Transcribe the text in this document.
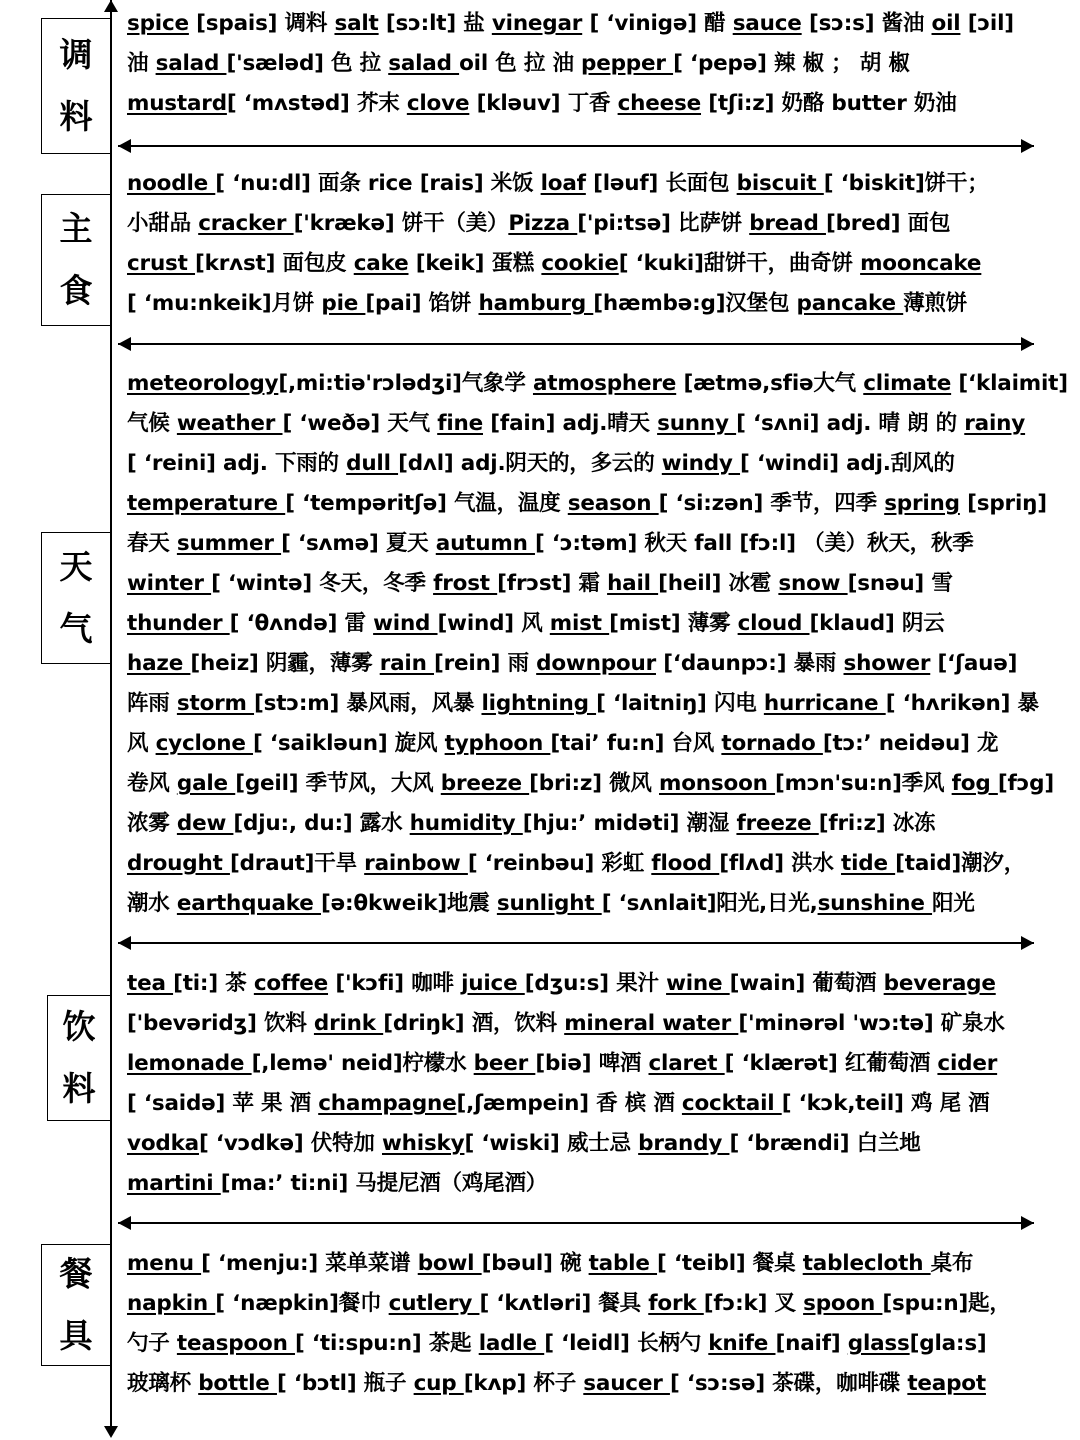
调
料
spice [spais] 调料 salt [sɔ:lt] 盐 vinegar [ ʻvinigə] 醋 sauce [sɔ:s] 酱油 oil [ɔil]
油 salad ['sæləd] 色 拉 salad oil 色 拉 油 pepper [ ʻpepə] 辣 椒 ； 胡 椒
mustard[ ʻmʌstəd] 芥末 clove [kləuv] 丁香 cheese [tʃi:z] 奶酪 butter 奶油
主
食
noodle [ ʻnu:dl] 面条 rice [rais] 米饭 loaf [ləuf] 长面包 biscuit [ ʻbiskit]饼干；
小甜品 cracker ['krækə] 饼干（美）Pizza ['pi:tsə] 比萨饼 bread [bred] 面包
crust [krʌst] 面包皮 cake [keik] 蛋糕 cookie[ ʻkuki]甜饼干，曲奇饼 mooncake
[ ʻmu:nkeik]月饼 pie [pai] 馅饼 hamburg [hæmbə:g]汉堡包 pancake 薄煎饼
天
气
meteorology[,mi:tiə'rɔlədʒi]气象学 atmosphere [ætmə,sfiə大气 climate [ʻklaimit]
气候 weather [ ʻweðə] 天气 fine [fain] adj.晴天 sunny [ ʻsʌni] adj. 晴 朗 的 rainy
[ ʻreini] adj. 下雨的 dull [dʌl] adj.阴天的，多云的 windy [ ʻwindi] adj.刮风的
temperature [ ʻtempəritʃə] 气温，温度 season [ ʻsi:zən] 季节，四季 spring [spriŋ]
春天 summer [ ʻsʌmə] 夏天 autumn [ ʻɔ:təm] 秋天 fall [fɔ:l] （美）秋天，秋季
winter [ ʻwintə] 冬天，冬季 frost [frɔst] 霜 hail [heil] 冰雹 snow [snəu] 雪
thunder [ ʻθʌndə] 雷 wind [wind] 风 mist [mist] 薄雾 cloud [klaud] 阴云
haze [heiz] 阴霾，薄雾 rain [rein] 雨 downpour [ʻdaunpɔ:] 暴雨 shower [ʻʃauə]
阵雨 storm [stɔ:m] 暴风雨，风暴 lightning [ ʻlaitniŋ] 闪电 hurricane [ ʻhʌrikən] 暴
风 cyclone [ ʻsaikləun] 旋风 typhoon [taiʼ fu:n] 台风 tornado [tɔ:ʼ neidəu] 龙
卷风 gale [geil] 季节风，大风 breeze [bri:z] 微风 monsoon [mɔn'su:n]季风 fog [fɔg]
浓雾 dew [dju:, du:] 露水 humidity [hju:ʼ midəti] 潮湿 freeze [fri:z] 冰冻
drought [draut]干旱 rainbow [ ʻreinbəu] 彩虹 flood [flʌd] 洪水 tide [taid]潮汐，
潮水 earthquake [ə:θkweik]地震 sunlight [ ʻsʌnlait]阳光,日光,sunshine 阳光
饮
料
tea [ti:] 茶 coffee ['kɔfi] 咖啡 juice [dʒu:s] 果汁 wine [wain] 葡萄酒 beverage
['bevəridʒ] 饮料 drink [driŋk] 酒，饮料 mineral water ['minərəl 'wɔ:tə] 矿泉水
lemonade [,lemə' neid]柠檬水 beer [biə] 啤酒 claret [ ʻklærət] 红葡萄酒 cider
[ ʻsaidə] 苹 果 酒 champagne[,ʃæmpein] 香 槟 酒 cocktail [ ʻkɔk,teil] 鸡 尾 酒
vodka[ ʻvɔdkə] 伏特加 whisky[ ʻwiski] 威士忌 brandy [ ʻbrændi] 白兰地
martini [ma:ʼ ti:ni] 马提尼酒（鸡尾酒）
餐
具
menu [ ʻmenju:] 菜单菜谱 bowl [bəul] 碗 table [ ʻteibl] 餐桌 tablecloth 桌布
napkin [ ʻnæpkin]餐巾 cutlery [ ʻkʌtləri] 餐具 fork [fɔ:k] 叉 spoon [spu:n]匙，
勺子 teaspoon [ ʻti:spu:n] 茶匙 ladle [ ʻleidl] 长柄勺 knife [naif] glass[gla:s]
玻璃杯 bottle [ ʻbɔtl] 瓶子 cup [kʌp] 杯子 saucer [ ʻsɔ:sə] 茶碟，咖啡碟 teapot
